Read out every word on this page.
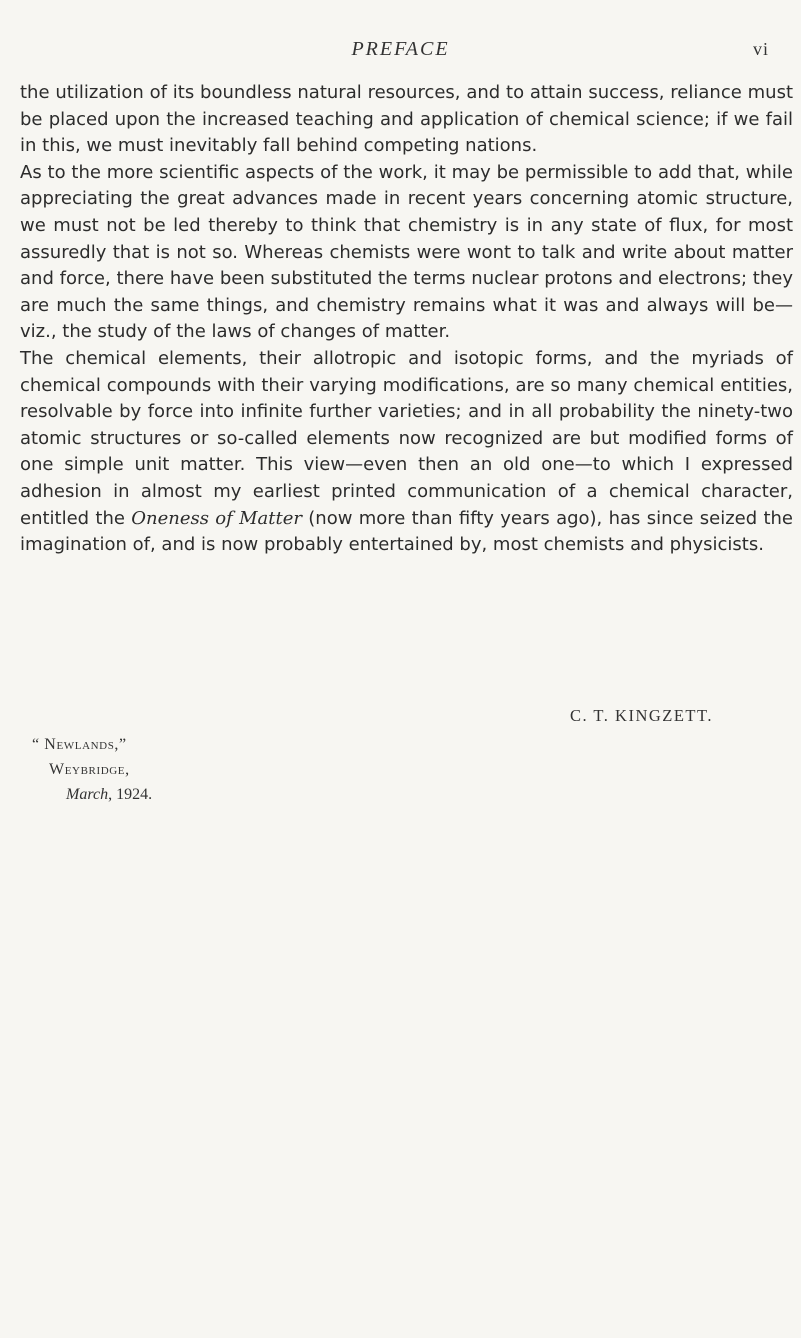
PREFACE	vi

the utilization of its boundless natural resources, and to attain success, reliance must be placed upon the increased teaching and application of chemical science; if we fail in this, we must inevitably fall behind competing nations.

As to the more scientific aspects of the work, it may be permissible to add that, while appreciating the great advances made in recent years concerning atomic structure, we must not be led thereby to think that chemistry is in any state of flux, for most assuredly that is not so. Whereas chemists were wont to talk and write about matter and force, there have been substituted the terms nuclear protons and electrons; they are much the same things, and chemistry remains what it was and always will be—viz., the study of the laws of changes of matter.

The chemical elements, their allotropic and isotopic forms, and the myriads of chemical compounds with their varying modifications, are so many chemical entities, resolvable by force into infinite further varieties; and in all probability the ninety-two atomic structures or so-called elements now recognized are but modified forms of one simple unit matter. This view—even then an old one—to which I expressed adhesion in almost my earliest printed communication of a chemical character, entitled the Oneness of Matter (now more than fifty years ago), has since seized the imagination of, and is now probably entertained by, most chemists and physicists.

C. T. KINGZETT.
“ Newlands,”
Weybridge,
March, 1924.
